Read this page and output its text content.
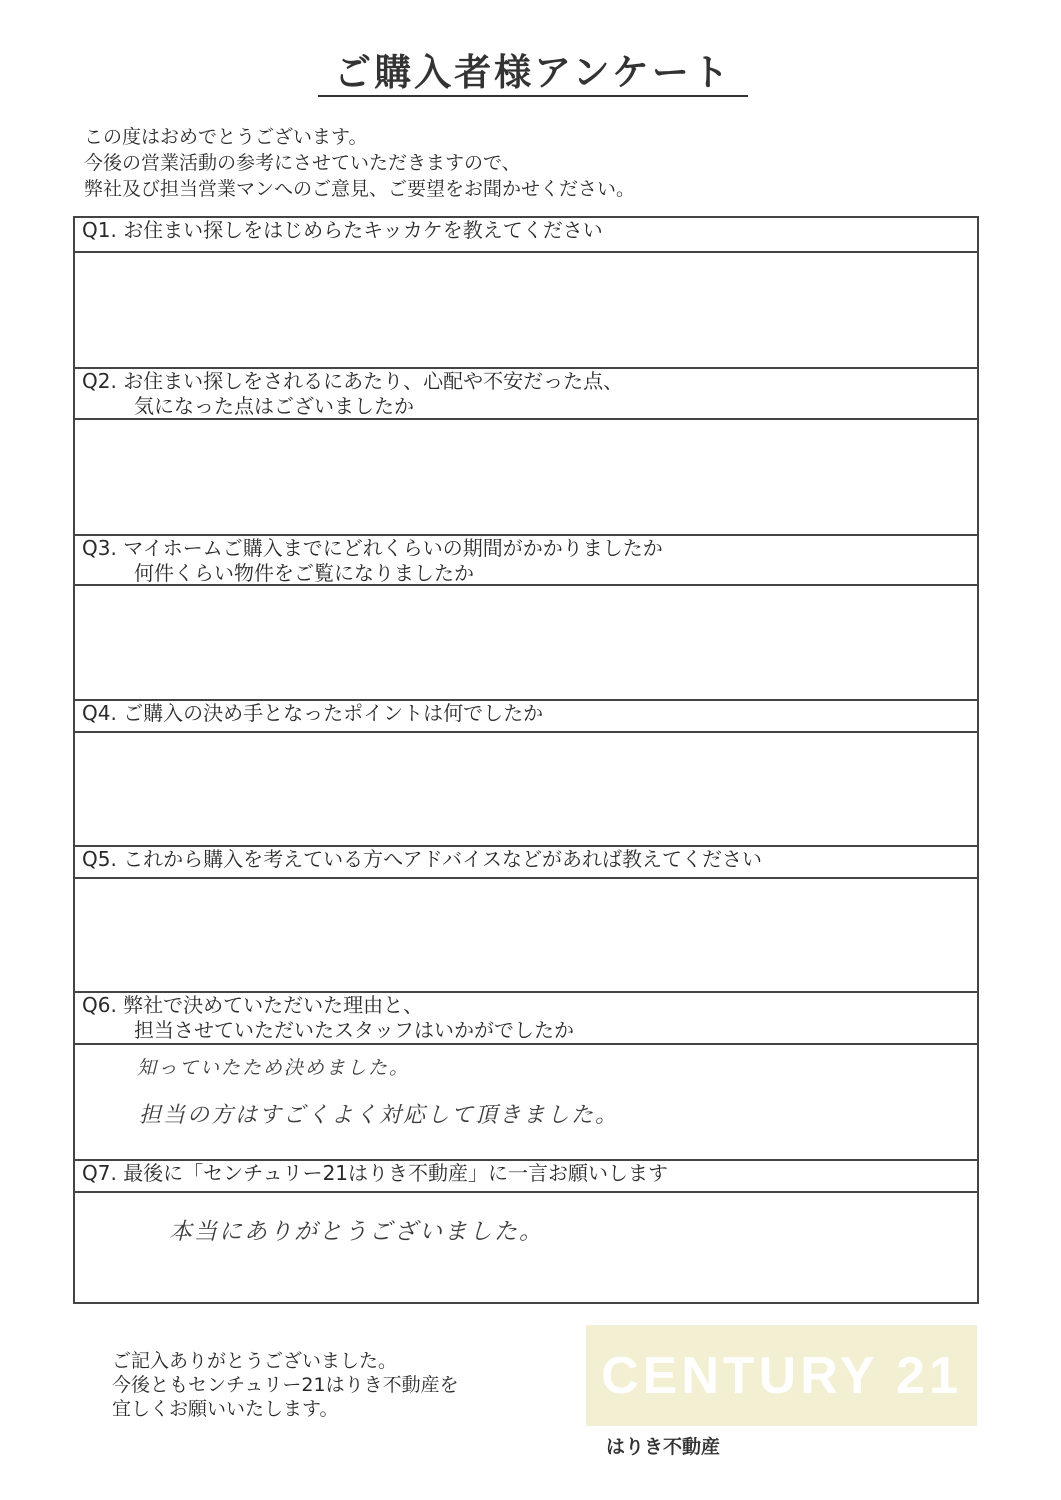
ご購入者様アンケート
この度はおめでとうございます。
今後の営業活動の参考にさせていただきますので、
弊社及び担当営業マンへのご意見、ご要望をお聞かせください。
Q1. お住まい探しをはじめらたキッカケを教えてください
Q2. お住まい探しをされるにあたり、心配や不安だった点、
気になった点はございましたか
Q3. マイホームご購入までにどれくらいの期間がかかりましたか
何件くらい物件をご覧になりましたか
Q4. ご購入の決め手となったポイントは何でしたか
Q5. これから購入を考えている方へアドバイスなどがあれば教えてください
Q6. 弊社で決めていただいた理由と、
担当させていただいたスタッフはいかがでしたか
知っていたため決めました。
担当の方はすごくよく対応して頂きました。
Q7. 最後に「センチュリー21はりき不動産」に一言お願いします
本当にありがとうございました。
ご記入ありがとうございました。
今後ともセンチュリー21はりき不動産を
宜しくお願いいたします。
CENTURY 21
はりき不動産
